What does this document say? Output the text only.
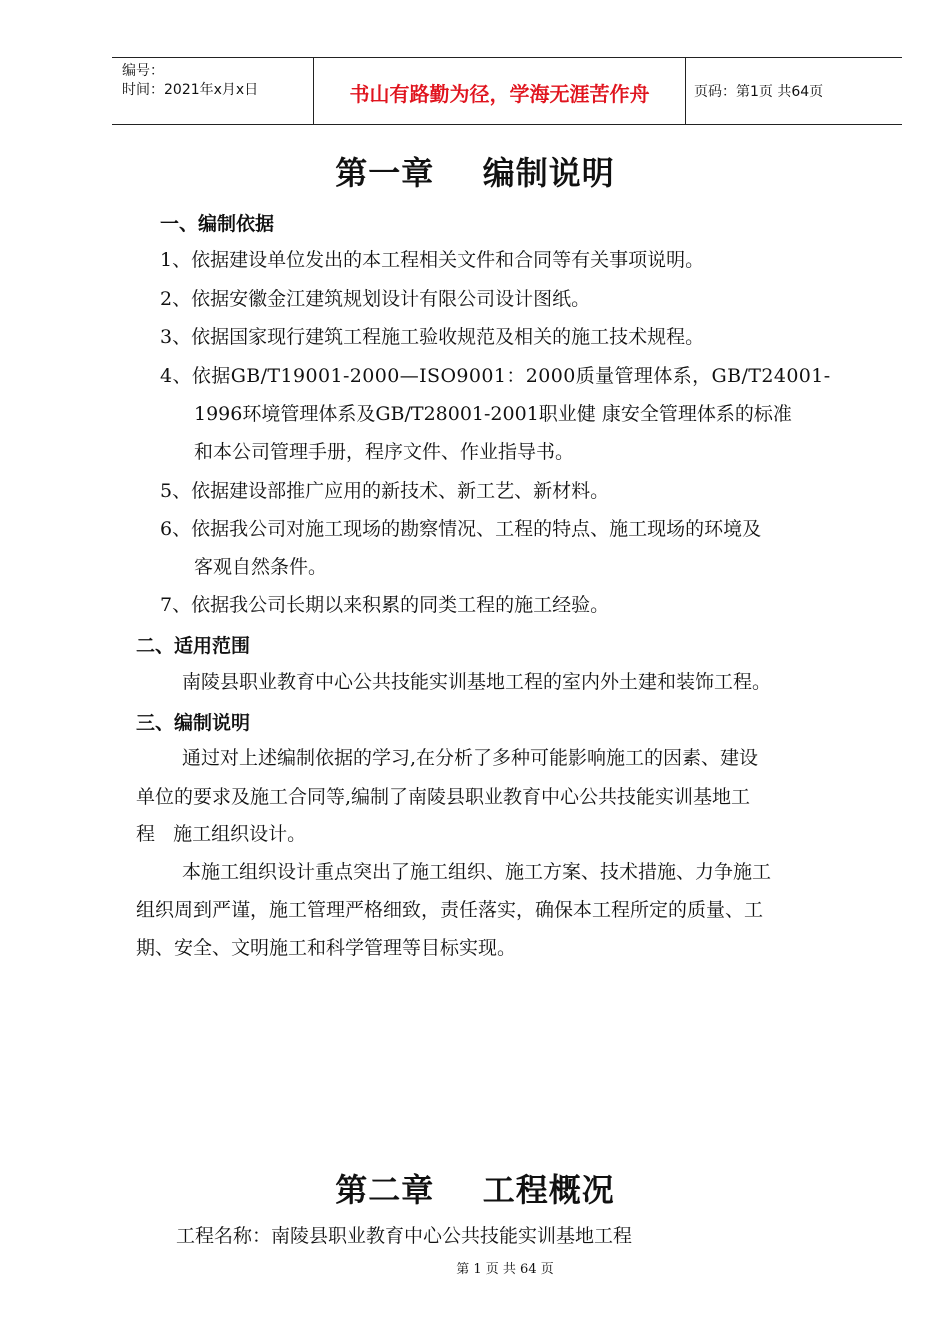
编号：
时间：2021年x月x日	书山有路勤为径，学海无涯苦作舟	页码：第1页 共64页
第一章    编制说明
一、编制依据
1、依据建设单位发出的本工程相关文件和合同等有关事项说明。
2、依据安徽金江建筑规划设计有限公司设计图纸。
3、依据国家现行建筑工程施工验收规范及相关的施工技术规程。
4、依据GB/T19001-2000—ISO9001：2000质量管理体系，GB/T24001-
1996环境管理体系及GB/T28001-2001职业健 康安全管理体系的标准
和本公司管理手册，程序文件、作业指导书。
5、依据建设部推广应用的新技术、新工艺、新材料。
6、依据我公司对施工现场的勘察情况、工程的特点、施工现场的环境及
客观自然条件。
7、依据我公司长期以来积累的同类工程的施工经验。
二、适用范围
南陵县职业教育中心公共技能实训基地工程的室内外土建和装饰工程。
三、编制说明
通过对上述编制依据的学习,在分析了多种可能影响施工的因素、建设
单位的要求及施工合同等,编制了南陵县职业教育中心公共技能实训基地工
程   施工组织设计。
本施工组织设计重点突出了施工组织、施工方案、技术措施、力争施工
组织周到严谨，施工管理严格细致，责任落实，确保本工程所定的质量、工
期、安全、文明施工和科学管理等目标实现。
第二章    工程概况
工程名称：南陵县职业教育中心公共技能实训基地工程
第 1 页 共 64 页
